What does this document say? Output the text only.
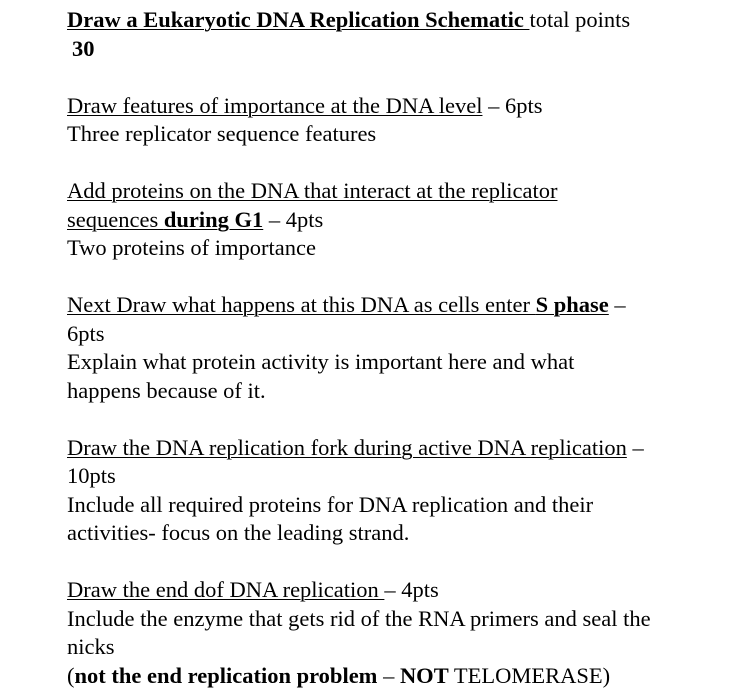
Draw a Eukaryotic DNA Replication Schematic total points
30
Draw features of importance at the DNA level – 6pts
Three replicator sequence features
Add proteins on the DNA that interact at the replicator
sequences during G1 – 4pts
Two proteins of importance
Next Draw what happens at this DNA as cells enter S phase –
6pts
Explain what protein activity is important here and what
happens because of it.
Draw the DNA replication fork during active DNA replication –
10pts
Include all required proteins for DNA replication and their
activities- focus on the leading strand.
Draw the end dof DNA replication – 4pts
Include the enzyme that gets rid of the RNA primers and seal the
nicks
(not the end replication problem – NOT TELOMERASE)
